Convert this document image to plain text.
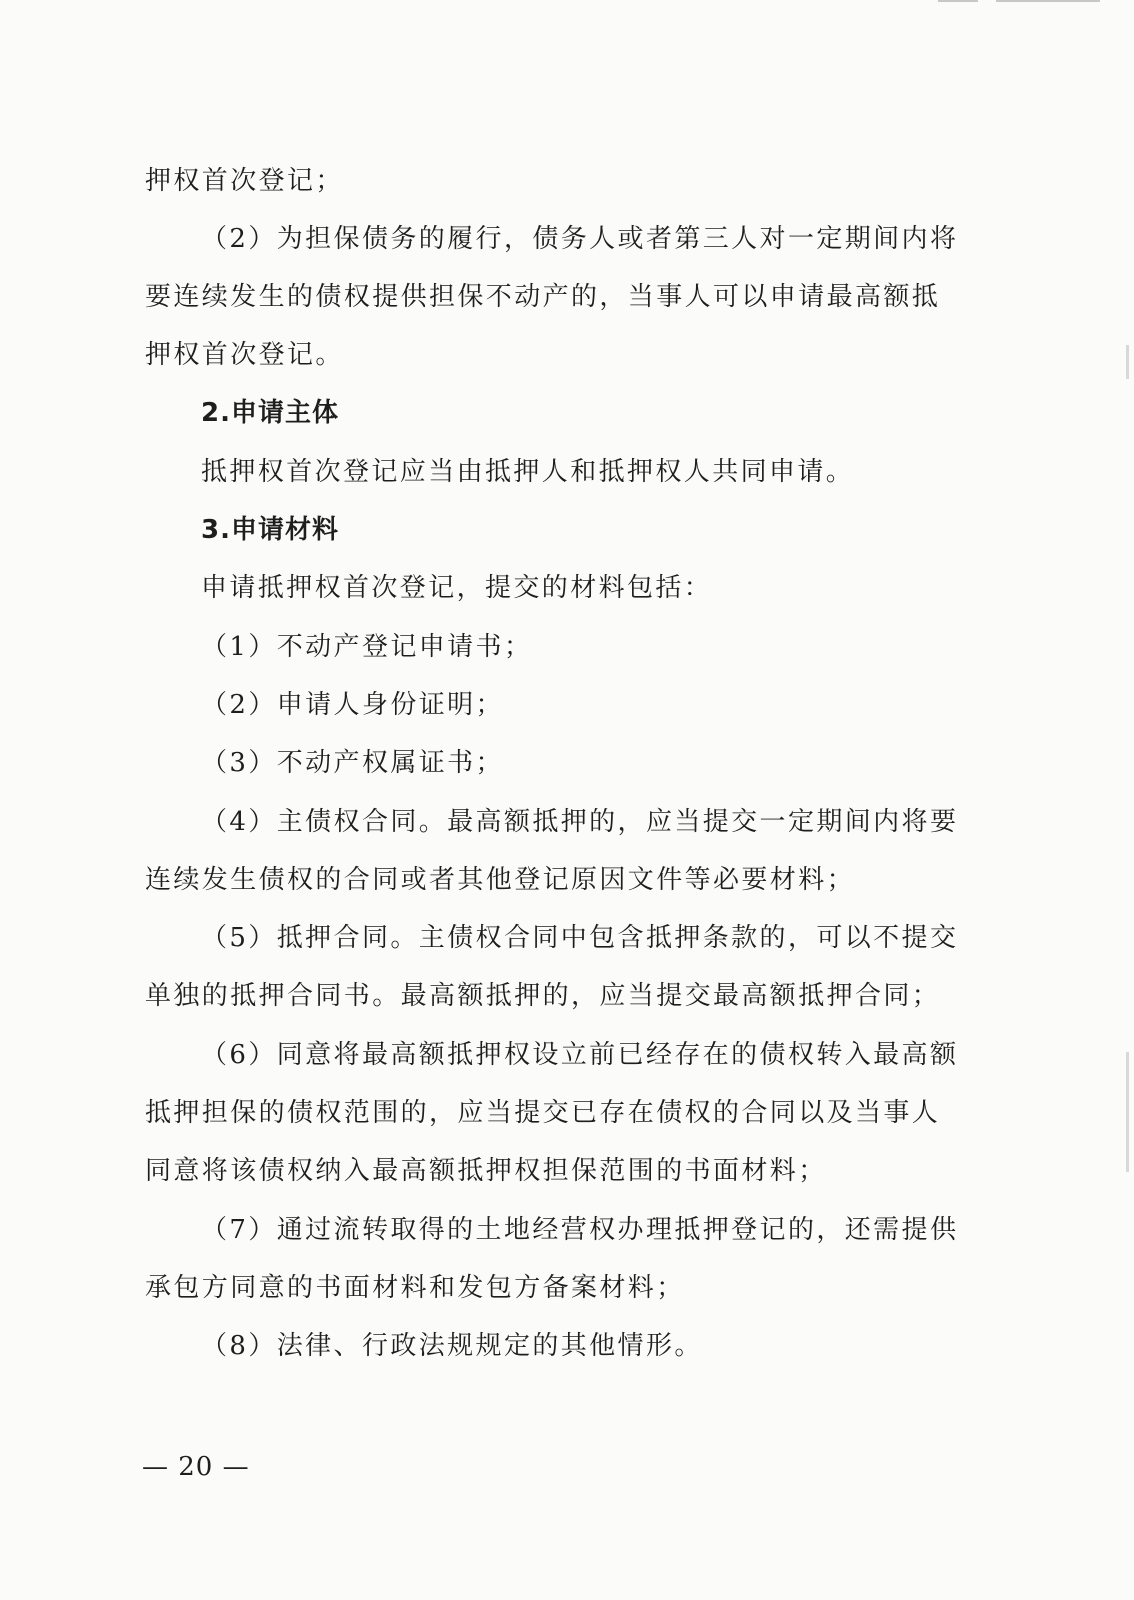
押权首次登记；

（2）为担保债务的履行，债务人或者第三人对一定期间内将

要连续发生的债权提供担保不动产的，当事人可以申请最高额抵

押权首次登记。

2.申请主体

抵押权首次登记应当由抵押人和抵押权人共同申请。

3.申请材料

申请抵押权首次登记，提交的材料包括：

（1）不动产登记申请书；

（2）申请人身份证明；

（3）不动产权属证书；

（4）主债权合同。最高额抵押的，应当提交一定期间内将要

连续发生债权的合同或者其他登记原因文件等必要材料；

（5）抵押合同。主债权合同中包含抵押条款的，可以不提交

单独的抵押合同书。最高额抵押的，应当提交最高额抵押合同；

（6）同意将最高额抵押权设立前已经存在的债权转入最高额

抵押担保的债权范围的，应当提交已存在债权的合同以及当事人

同意将该债权纳入最高额抵押权担保范围的书面材料；

（7）通过流转取得的土地经营权办理抵押登记的，还需提供

承包方同意的书面材料和发包方备案材料；

（8）法律、行政法规规定的其他情形。

— 20 —
